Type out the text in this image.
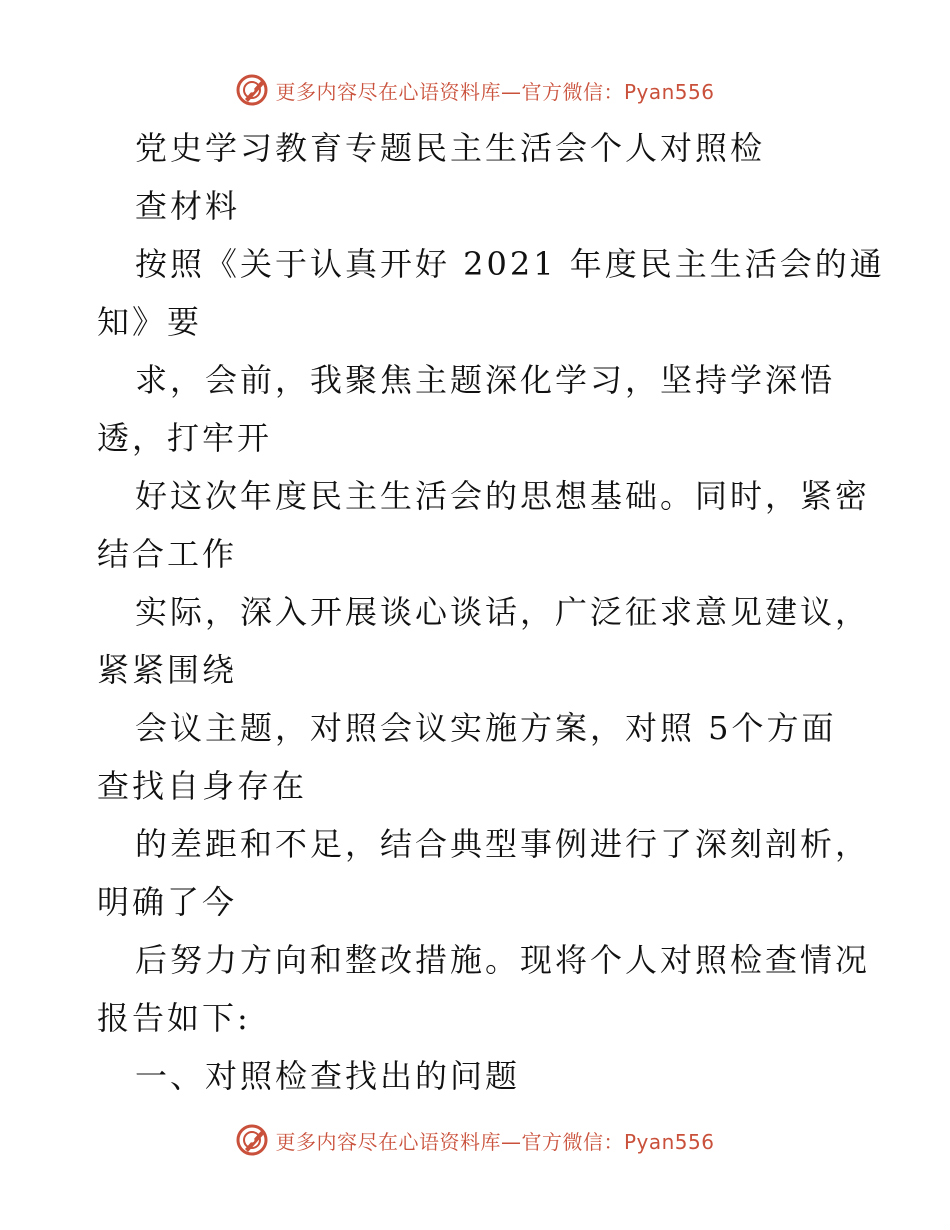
更多内容尽在心语资料库—官方微信：Pyan556
党史学习教育专题民主生活会个人对照检
查材料
按照《关于认真开好 2021 年度民主生活会的通
知》要
求，会前，我聚焦主题深化学习，坚持学深悟
透，打牢开
好这次年度民主生活会的思想基础。同时，紧密
结合工作
实际，深入开展谈心谈话，广泛征求意见建议，
紧紧围绕
会议主题，对照会议实施方案，对照 5个方面
查找自身存在
的差距和不足，结合典型事例进行了深刻剖析，
明确了今
后努力方向和整改措施。现将个人对照检查情况
报告如下:
一、对照检查找出的问题
更多内容尽在心语资料库—官方微信：Pyan556
